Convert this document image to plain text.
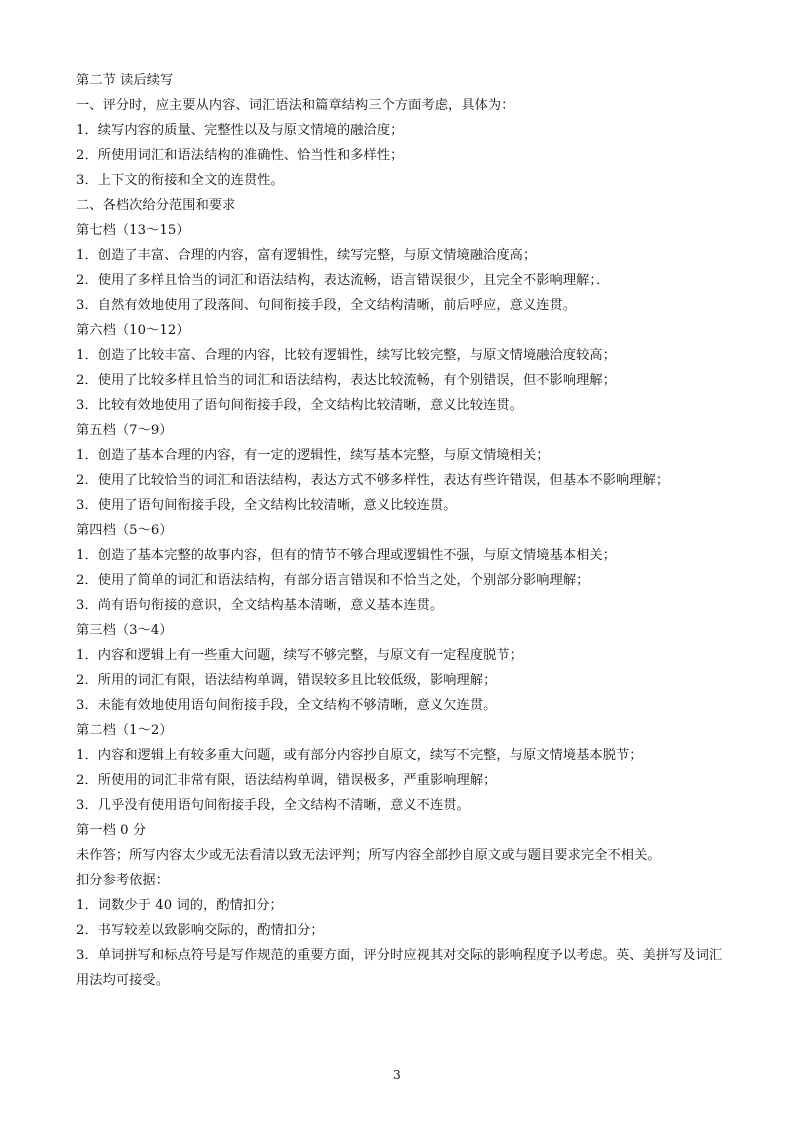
第二节 读后续写
一、评分时，应主要从内容、词汇语法和篇章结构三个方面考虑，具体为：
1．续写内容的质量、完整性以及与原文情境的融洽度；
2．所使用词汇和语法结构的准确性、恰当性和多样性；
3．上下文的衔接和全文的连贯性。
二、各档次给分范围和要求
第七档（13～15）
1．创造了丰富、合理的内容，富有逻辑性，续写完整，与原文情境融洽度高；
2．使用了多样且恰当的词汇和语法结构，表达流畅，语言错误很少，且完全不影响理解；．
3．自然有效地使用了段落间、句间衔接手段，全文结构清晰，前后呼应，意义连贯。
第六档（10～12）
1．创造了比较丰富、合理的内容，比较有逻辑性，续写比较完整，与原文情境融洽度较高；
2．使用了比较多样且恰当的词汇和语法结构，表达比较流畅，有个别错误，但不影响理解；
3．比较有效地使用了语句间衔接手段，全文结构比较清晰，意义比较连贯。
第五档（7～9）
1．创造了基本合理的内容，有一定的逻辑性，续写基本完整，与原文情境相关；
2．使用了比较恰当的词汇和语法结构，表达方式不够多样性，表达有些许错误，但基本不影响理解；
3．使用了语句间衔接手段，全文结构比较清晰，意义比较连贯。
第四档（5～6）
1．创造了基本完整的故事内容，但有的情节不够合理或逻辑性不强，与原文情境基本相关；
2．使用了简单的词汇和语法结构，有部分语言错误和不恰当之处，个别部分影响理解；
3．尚有语句衔接的意识，全文结构基本清晰，意义基本连贯。
第三档（3～4）
1．内容和逻辑上有一些重大问题，续写不够完整，与原文有一定程度脱节；
2．所用的词汇有限，语法结构单调，错误较多且比较低级，影响理解；
3．未能有效地使用语句间衔接手段，全文结构不够清晰，意义欠连贯。
第二档（1～2）
1．内容和逻辑上有较多重大问题，或有部分内容抄自原文，续写不完整，与原文情境基本脱节；
2．所使用的词汇非常有限，语法结构单调，错误极多，严重影响理解；
3．几乎没有使用语句间衔接手段，全文结构不清晰，意义不连贯。
第一档 0 分
未作答；所写内容太少或无法看清以致无法评判；所写内容全部抄自原文或与题目要求完全不相关。
扣分参考依据：
1．词数少于 40 词的，酌情扣分；
2．书写较差以致影响交际的，酌情扣分；
3．单词拼写和标点符号是写作规范的重要方面，评分时应视其对交际的影响程度予以考虑。英、美拼写及词汇用法均可接受。
3
